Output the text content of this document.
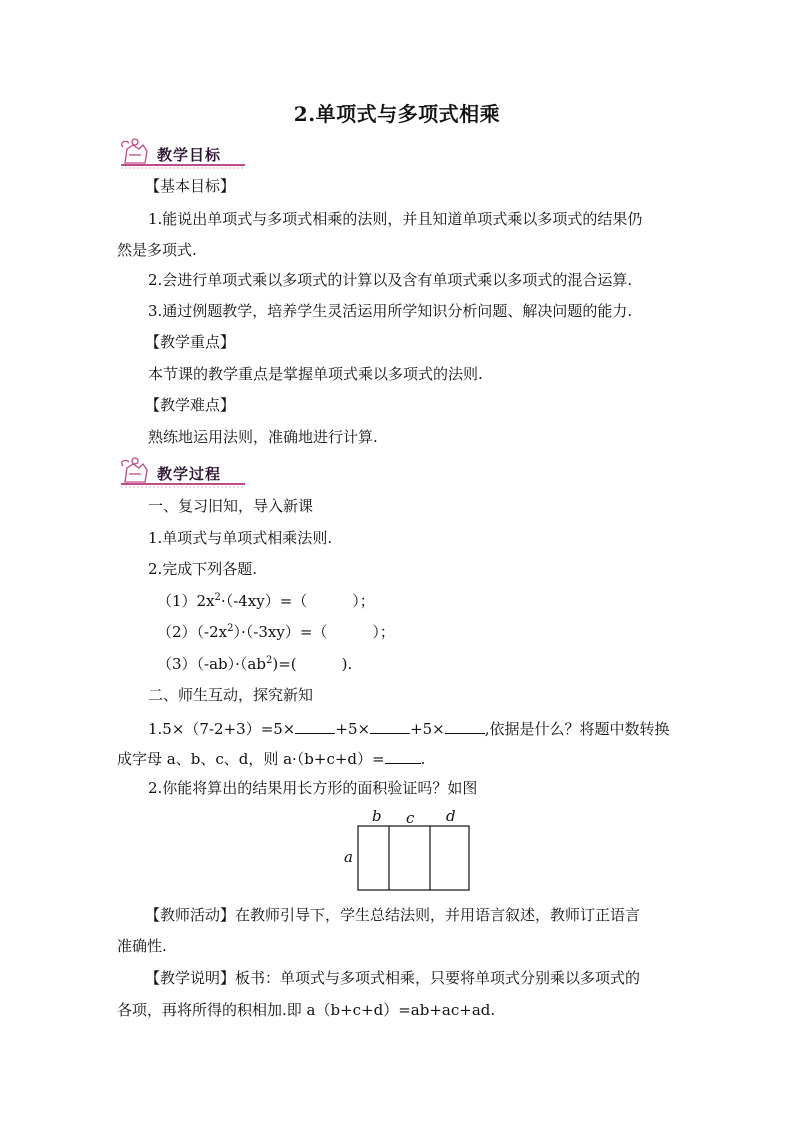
2.单项式与多项式相乘
教学目标
【基本目标】
1.能说出单项式与多项式相乘的法则，并且知道单项式乘以多项式的结果仍
然是多项式.
2.会进行单项式乘以多项式的计算以及含有单项式乘以多项式的混合运算.
3.通过例题教学，培养学生灵活运用所学知识分析问题、解决问题的能力.
【教学重点】
本节课的教学重点是掌握单项式乘以多项式的法则.
【教学难点】
熟练地运用法则，准确地进行计算.
教学过程
一、复习旧知，导入新课
1.单项式与单项式相乘法则.
2.完成下列各题.
$(1)2x^2\cdot(-4xy)=$（　　　）；
$(2)(-2x^2)\cdot(-3xy)=$（　　　）；
$(3)(-ab)\cdot(ab^2)=$(　　　).
二、师生互动，探究新知
1.5×（7-2+3）=5×	+5×	+5×	,依据是什么？将题中数转换
成字母 a、b、c、d，则 a·（b+c+d）= .
2.你能将算出的结果用长方形的面积验证吗？如图
a
b c d
【教师活动】在教师引导下，学生总结法则，并用语言叙述，教师订正语言
准确性.
【教学说明】板书：单项式与多项式相乘，只要将单项式分别乘以多项式的
各项，再将所得的积相加.即 a（b+c+d）=ab+ac+ad.
